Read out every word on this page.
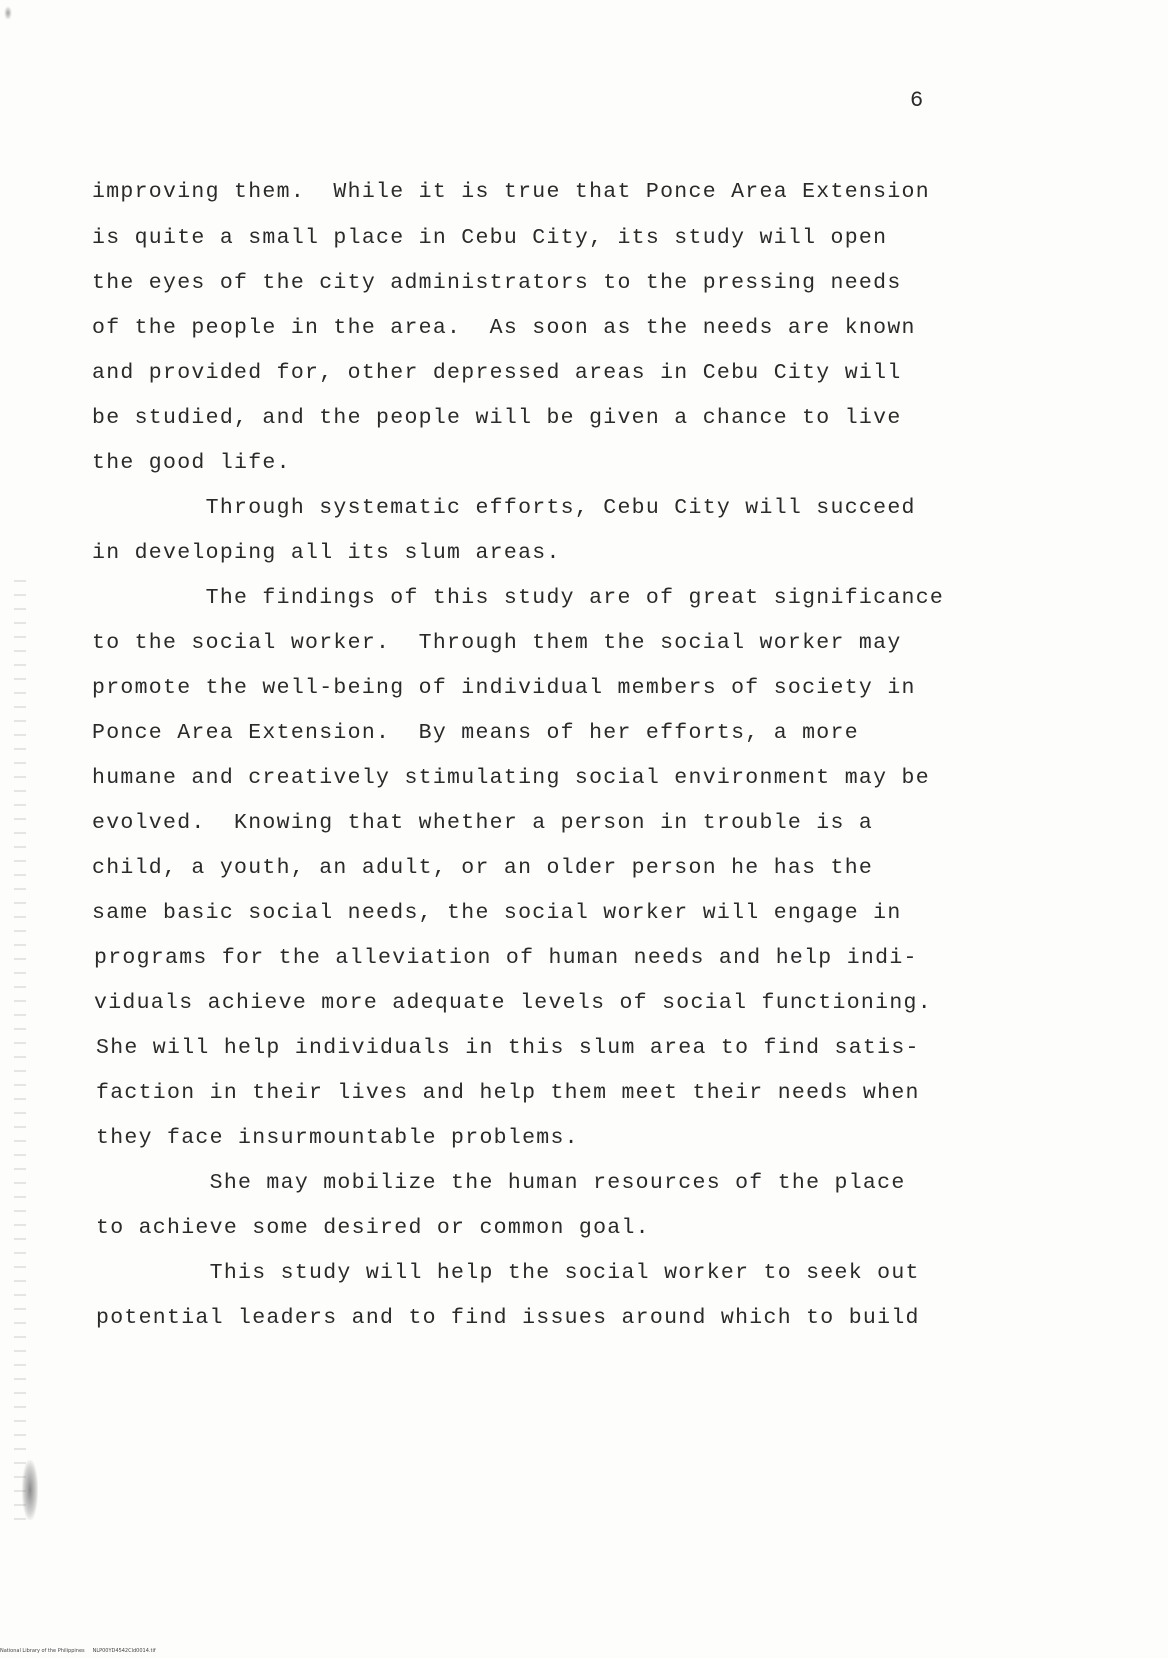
6
improving them.  While it is true that Ponce Area Extension
is quite a small place in Cebu City, its study will open
the eyes of the city administrators to the pressing needs
of the people in the area.  As soon as the needs are known
and provided for, other depressed areas in Cebu City will
be studied, and the people will be given a chance to live
the good life.
Through systematic efforts, Cebu City will succeed
in developing all its slum areas.
The findings of this study are of great significance
to the social worker.  Through them the social worker may
promote the well-being of individual members of society in
Ponce Area Extension.  By means of her efforts, a more
humane and creatively stimulating social environment may be
evolved.  Knowing that whether a person in trouble is a
child, a youth, an adult, or an older person he has the
same basic social needs, the social worker will engage in
programs for the alleviation of human needs and help indi-
viduals achieve more adequate levels of social functioning.
She will help individuals in this slum area to find satis-
faction in their lives and help them meet their needs when
they face insurmountable problems.
She may mobilize the human resources of the place
to achieve some desired or common goal.
This study will help the social worker to seek out
potential leaders and to find issues around which to build
National Library of the Philippines     NLP00YD4542Cld0014.tif
